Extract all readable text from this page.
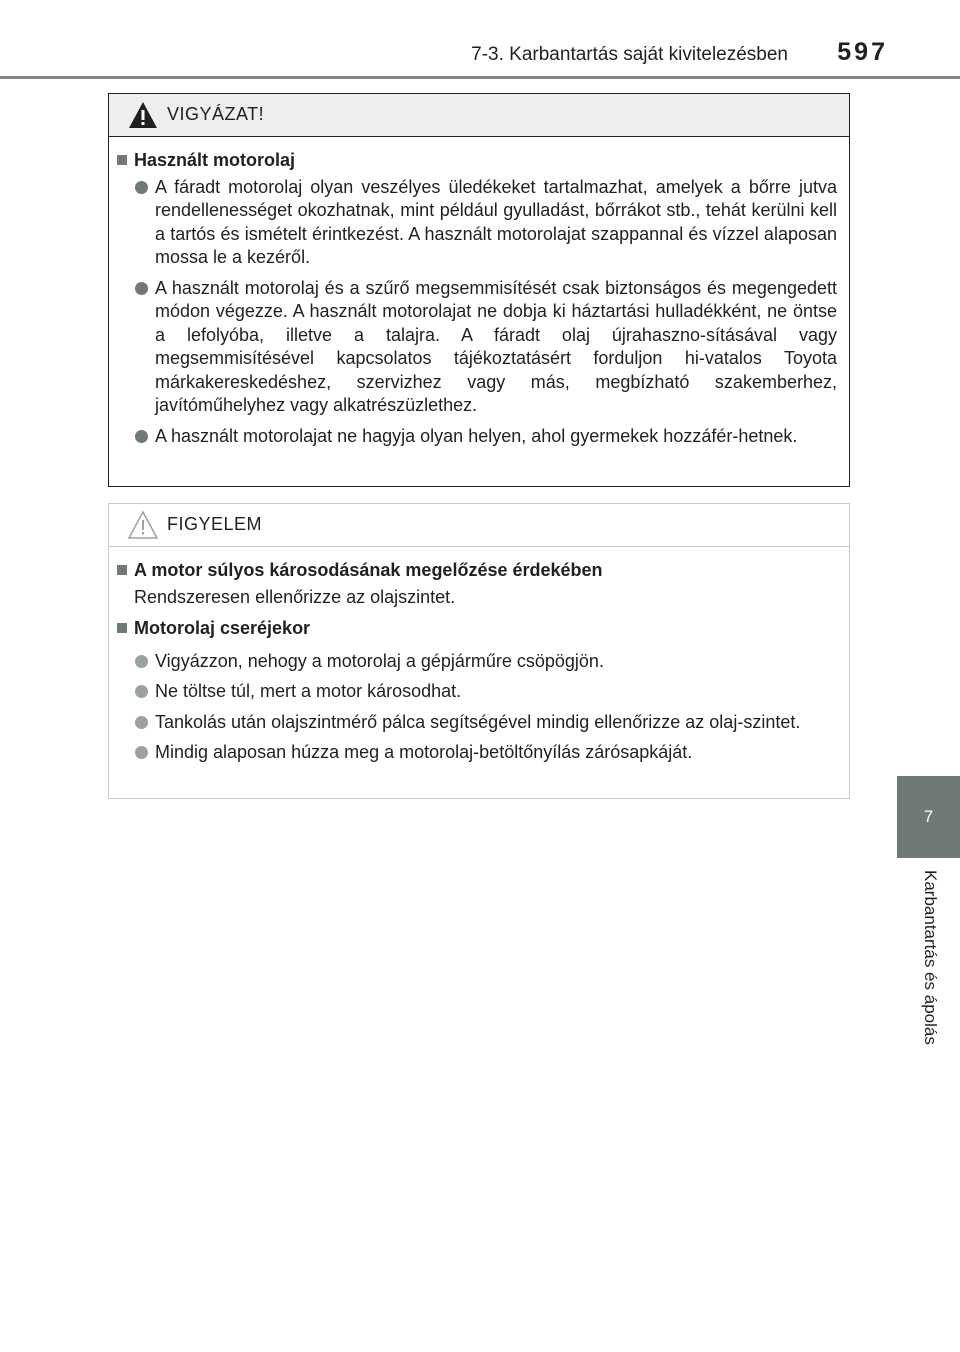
7-3. Karbantartás saját kivitelezésben	597
7
Karbantartás és ápolás
VIGYÁZAT!
Használt motorolaj
A fáradt motorolaj olyan veszélyes üledékeket tartalmazhat, amelyek a bőrre jutva rendellenességet okozhatnak, mint például gyulladást, bőrrákot stb., tehát kerülni kell a tartós és ismételt érintkezést. A használt motorolajat szappannal és vízzel alaposan mossa le a kezéről.
A használt motorolaj és a szűrő megsemmisítését csak biztonságos és megengedett módon végezze. A használt motorolajat ne dobja ki háztartási hulladékként, ne öntse a lefolyóba, illetve a talajra. A fáradt olaj újrahaszno-sításával vagy megsemmisítésével kapcsolatos tájékoztatásért forduljon hi-vatalos Toyota márkakereskedéshez, szervizhez vagy más, megbízható szakemberhez, javítóműhelyhez vagy alkatrészüzlethez.
A használt motorolajat ne hagyja olyan helyen, ahol gyermekek hozzáfér-hetnek.
FIGYELEM
A motor súlyos károsodásának megelőzése érdekében
Rendszeresen ellenőrizze az olajszintet.
Motorolaj cseréjekor
Vigyázzon, nehogy a motorolaj a gépjárműre csöpögjön.
Ne töltse túl, mert a motor károsodhat.
Tankolás után olajszintmérő pálca segítségével mindig ellenőrizze az olaj-szintet.
Mindig alaposan húzza meg a motorolaj-betöltőnyílás zárósapkáját.
